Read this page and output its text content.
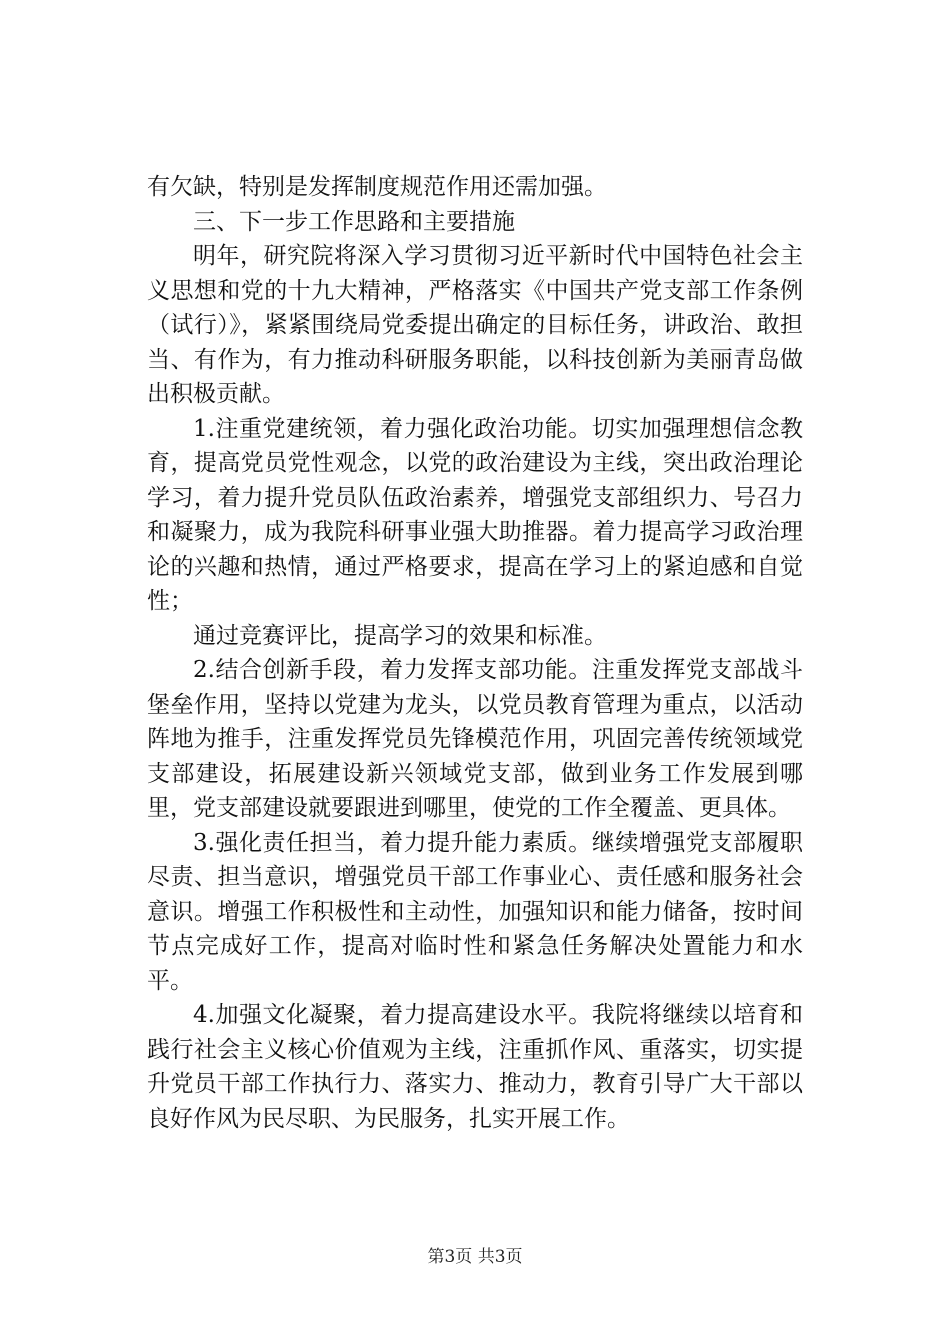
有欠缺，特别是发挥制度规范作用还需加强。

三、下一步工作思路和主要措施

明年，研究院将深入学习贯彻习近平新时代中国特色社会主义思想和党的十九大精神，严格落实《中国共产党支部工作条例（试行）》，紧紧围绕局党委提出确定的目标任务，讲政治、敢担当、有作为，有力推动科研服务职能，以科技创新为美丽青岛做出积极贡献。

1.注重党建统领，着力强化政治功能。切实加强理想信念教育，提高党员党性观念，以党的政治建设为主线，突出政治理论学习，着力提升党员队伍政治素养，增强党支部组织力、号召力和凝聚力，成为我院科研事业强大助推器。着力提高学习政治理论的兴趣和热情，通过严格要求，提高在学习上的紧迫感和自觉性；

通过竞赛评比，提高学习的效果和标准。

2.结合创新手段，着力发挥支部功能。注重发挥党支部战斗堡垒作用，坚持以党建为龙头，以党员教育管理为重点，以活动阵地为推手，注重发挥党员先锋模范作用，巩固完善传统领域党支部建设，拓展建设新兴领域党支部，做到业务工作发展到哪里，党支部建设就要跟进到哪里，使党的工作全覆盖、更具体。

3.强化责任担当，着力提升能力素质。继续增强党支部履职尽责、担当意识，增强党员干部工作事业心、责任感和服务社会意识。增强工作积极性和主动性，加强知识和能力储备，按时间节点完成好工作，提高对临时性和紧急任务解决处置能力和水平。

4.加强文化凝聚，着力提高建设水平。我院将继续以培育和践行社会主义核心价值观为主线，注重抓作风、重落实，切实提升党员干部工作执行力、落实力、推动力，教育引导广大干部以良好作风为民尽职、为民服务，扎实开展工作。

第3页 共3页
